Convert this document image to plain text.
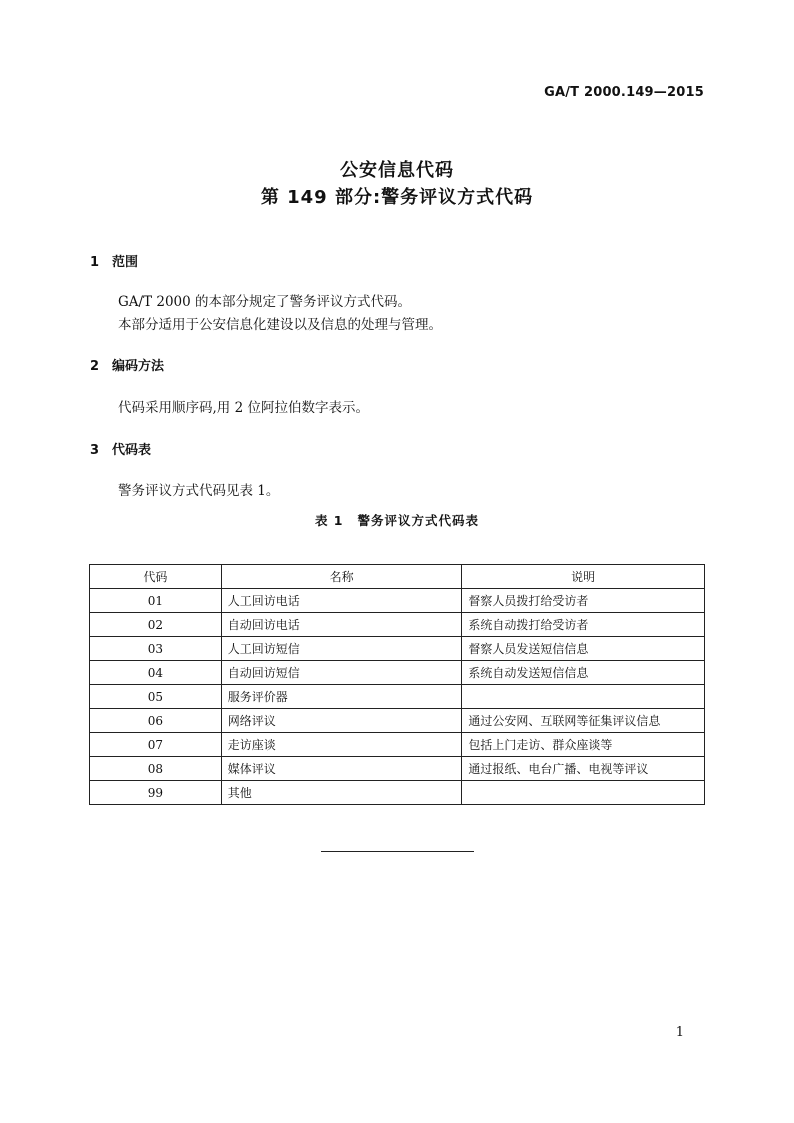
GA/T 2000.149—2015
公安信息代码
第 149 部分:警务评议方式代码
1 范围
GA/T 2000 的本部分规定了警务评议方式代码。
本部分适用于公安信息化建设以及信息的处理与管理。
2 编码方法
代码采用顺序码,用 2 位阿拉伯数字表示。
3 代码表
警务评议方式代码见表 1。
表 1 警务评议方式代码表
代码	名称	说明
01	人工回访电话	督察人员拨打给受访者
02	自动回访电话	系统自动拨打给受访者
03	人工回访短信	督察人员发送短信信息
04	自动回访短信	系统自动发送短信信息
05	服务评价器	
06	网络评议	通过公安网、互联网等征集评议信息
07	走访座谈	包括上门走访、群众座谈等
08	媒体评议	通过报纸、电台广播、电视等评议
99	其他	
1
